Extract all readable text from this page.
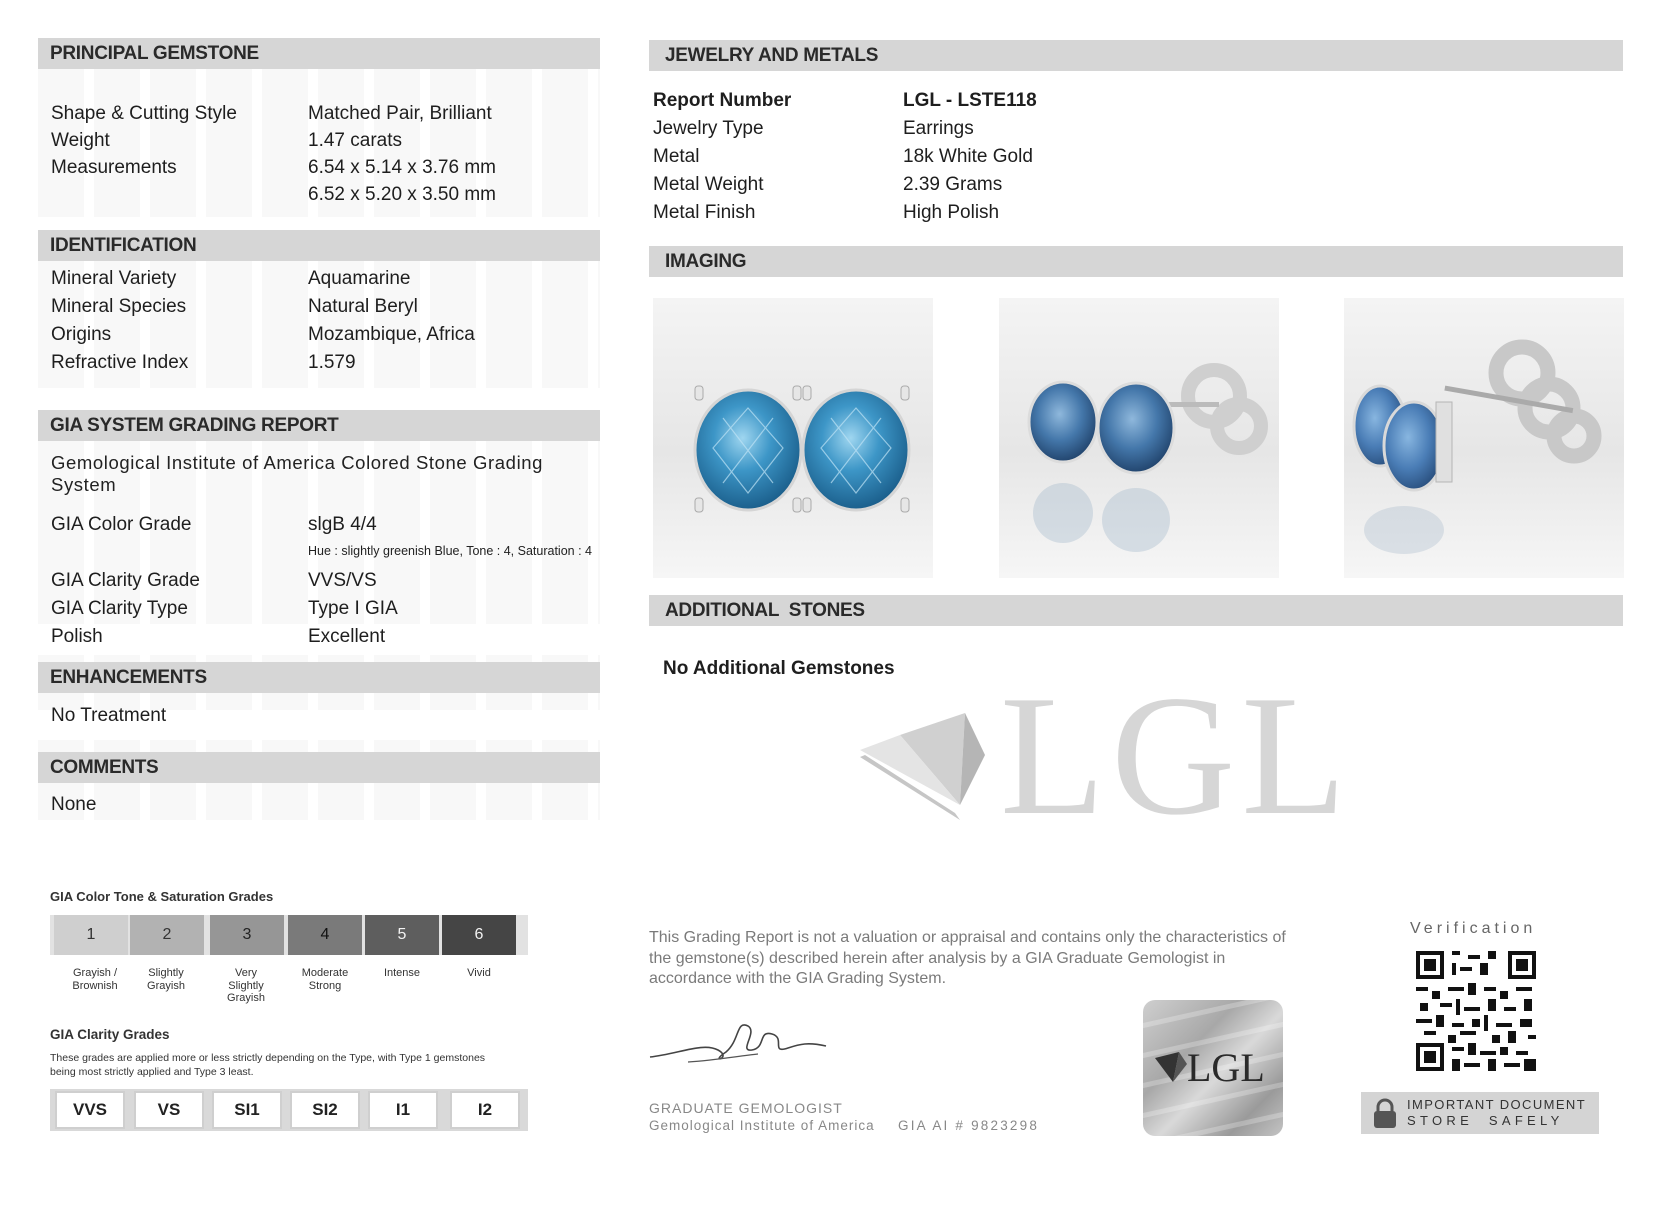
PRINCIPAL GEMSTONE
Shape & Cutting Style	Matched Pair, Brilliant
Weight	1.47 carats
Measurements	6.54 x 5.14 x 3.76 mm
6.52 x 5.20 x 3.50 mm
IDENTIFICATION
Mineral Variety	Aquamarine
Mineral Species	Natural Beryl
Origins	Mozambique, Africa
Refractive Index	1.579
GIA SYSTEM GRADING REPORT
Gemological Institute of America Colored Stone Grading System
GIA Color Grade	slgB 4/4
Hue : slightly greenish Blue, Tone : 4, Saturation : 4
GIA Clarity Grade	VVS/VS
GIA Clarity Type	Type I GIA
Polish	Excellent
ENHANCEMENTS
No Treatment
COMMENTS
None
GIA Color Tone & Saturation Grades
1	2	3	4	5	6
Grayish / Brownish
Slightly Grayish
Very Slightly Grayish
Moderate Strong
Intense	Vivid
GIA Clarity Grades
These grades are applied more or less strictly depending on the Type, with Type 1 gemstones being most strictly applied and Type 3 least.
VVS	VS	SI1	SI2	I1	I2
JEWELRY AND METALS
Report Number	LGL - LSTE118
Jewelry Type	Earrings
Metal	18k White Gold
Metal Weight	2.39 Grams
Metal Finish	High Polish
IMAGING
ADDITIONAL  STONES
No Additional Gemstones LGL
This Grading Report is not a valuation or appraisal and contains only the characteristics of the gemstone(s) described herein after analysis by a GIA Graduate Gemologist in accordance with the GIA Grading System.
GRADUATE GEMOLOGIST
Gemological Institute of America GIA AI # 9823298
LGL
Verification
IMPORTANT DOCUMENT
STORE  SAFELY
